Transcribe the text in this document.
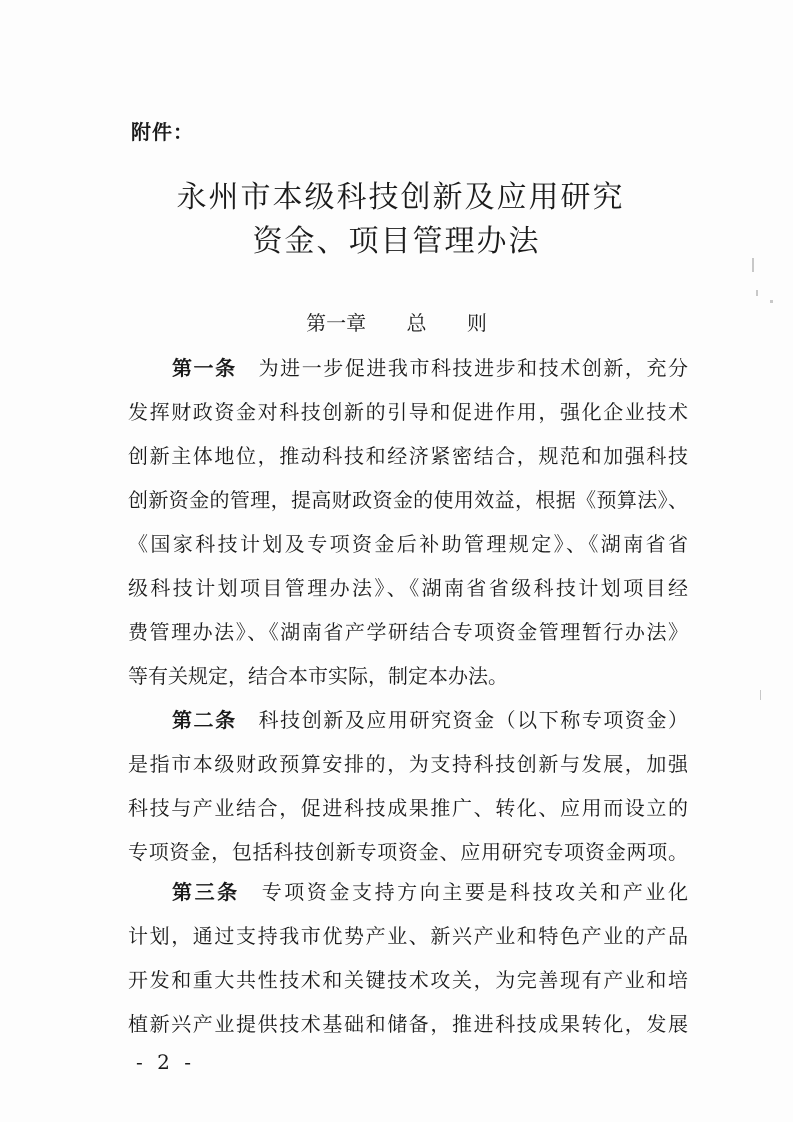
附件：
永州市本级科技创新及应用研究
资金、项目管理办法
第一章 总 则
第一条 为进一步促进我市科技进步和技术创新，充分
发挥财政资金对科技创新的引导和促进作用，强化企业技术
创新主体地位，推动科技和经济紧密结合，规范和加强科技
创新资金的管理，提高财政资金的使用效益，根据《预算法》、
《国家科技计划及专项资金后补助管理规定》、《湖南省省
级科技计划项目管理办法》、《湖南省省级科技计划项目经
费管理办法》、《湖南省产学研结合专项资金管理暂行办法》
等有关规定，结合本市实际，制定本办法。
第二条 科技创新及应用研究资金（以下称专项资金）
是指市本级财政预算安排的，为支持科技创新与发展，加强
科技与产业结合，促进科技成果推广、转化、应用而设立的
专项资金，包括科技创新专项资金、应用研究专项资金两项。
第三条 专项资金支持方向主要是科技攻关和产业化
计划，通过支持我市优势产业、新兴产业和特色产业的产品
开发和重大共性技术和关键技术攻关，为完善现有产业和培
植新兴产业提供技术基础和储备，推进科技成果转化，发展
- 2 -
